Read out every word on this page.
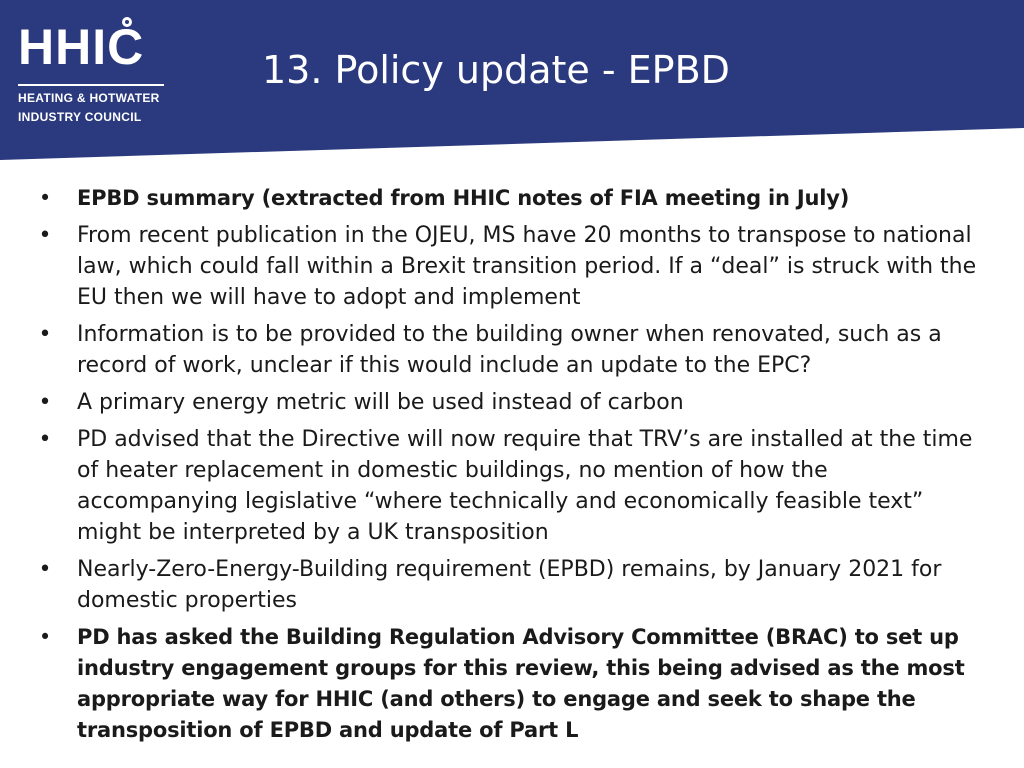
HHIC
HEATING & HOTWATER
INDUSTRY COUNCIL
13. Policy update - EPBD
• EPBD summary (extracted from HHIC notes of FIA meeting in July)
• From recent publication in the OJEU, MS have 20 months to transpose to national law, which could fall within a Brexit transition period. If a “deal” is struck with the EU then we will have to adopt and implement
• Information is to be provided to the building owner when renovated, such as a record of work, unclear if this would include an update to the EPC?
• A primary energy metric will be used instead of carbon
• PD advised that the Directive will now require that TRV’s are installed at the time of heater replacement in domestic buildings, no mention of how the accompanying legislative “where technically and economically feasible text” might be interpreted by a UK transposition
• Nearly-Zero-Energy-Building requirement (EPBD) remains, by January 2021 for domestic properties
• PD has asked the Building Regulation Advisory Committee (BRAC) to set up industry engagement groups for this review, this being advised as the most appropriate way for HHIC (and others) to engage and seek to shape the transposition of EPBD and update of Part L
